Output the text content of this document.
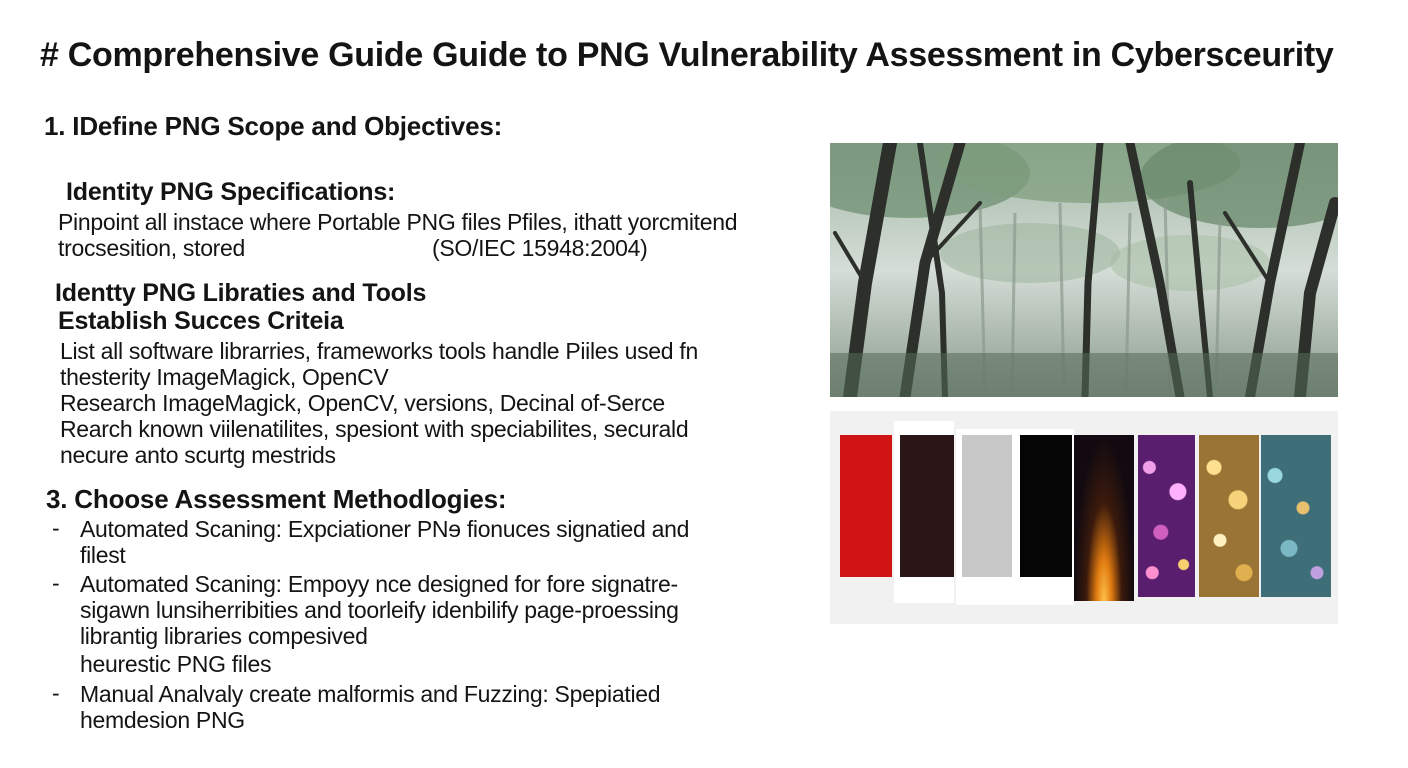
# Comprehensive Guide Guide to PNG Vulnerability Assessment in Cyberscеurity
1. IDefine PNG Scope and Objectives:
Identity PNG Specifications:
Pinpoint all instace where Portable PNG files Pfiles, ithatt yorcmitend
trocsesition, stored	(SO/IEC 15948:2004)
Identty PNG Libraties and Tools
Establish Succes Criteia
List all software librarries, frameworks tools handle Piiles used fn
thesterity ImageMagick, OpenCV
Research ImageMagick, OpenCV, versions, Decinal of-Serce
Rearch known viilenatilites, spesiont with speciabilites, securald
necure anto scurtg mestrids
3. Choose Assessment Methodlogies:
- Automated Scaning: Expciationer PNɘ fionuces signatied and
filest
- Automated Scaning: Empoyy nce designed for fore signatre-
sigawn lunsiherribities and toorleify idenbilify page-proessing
librantig libraries compesived
heurestic PNG files
- Manual Analvaly create malformis and Fuzzing: Spepiatied
hemdesion PNG
